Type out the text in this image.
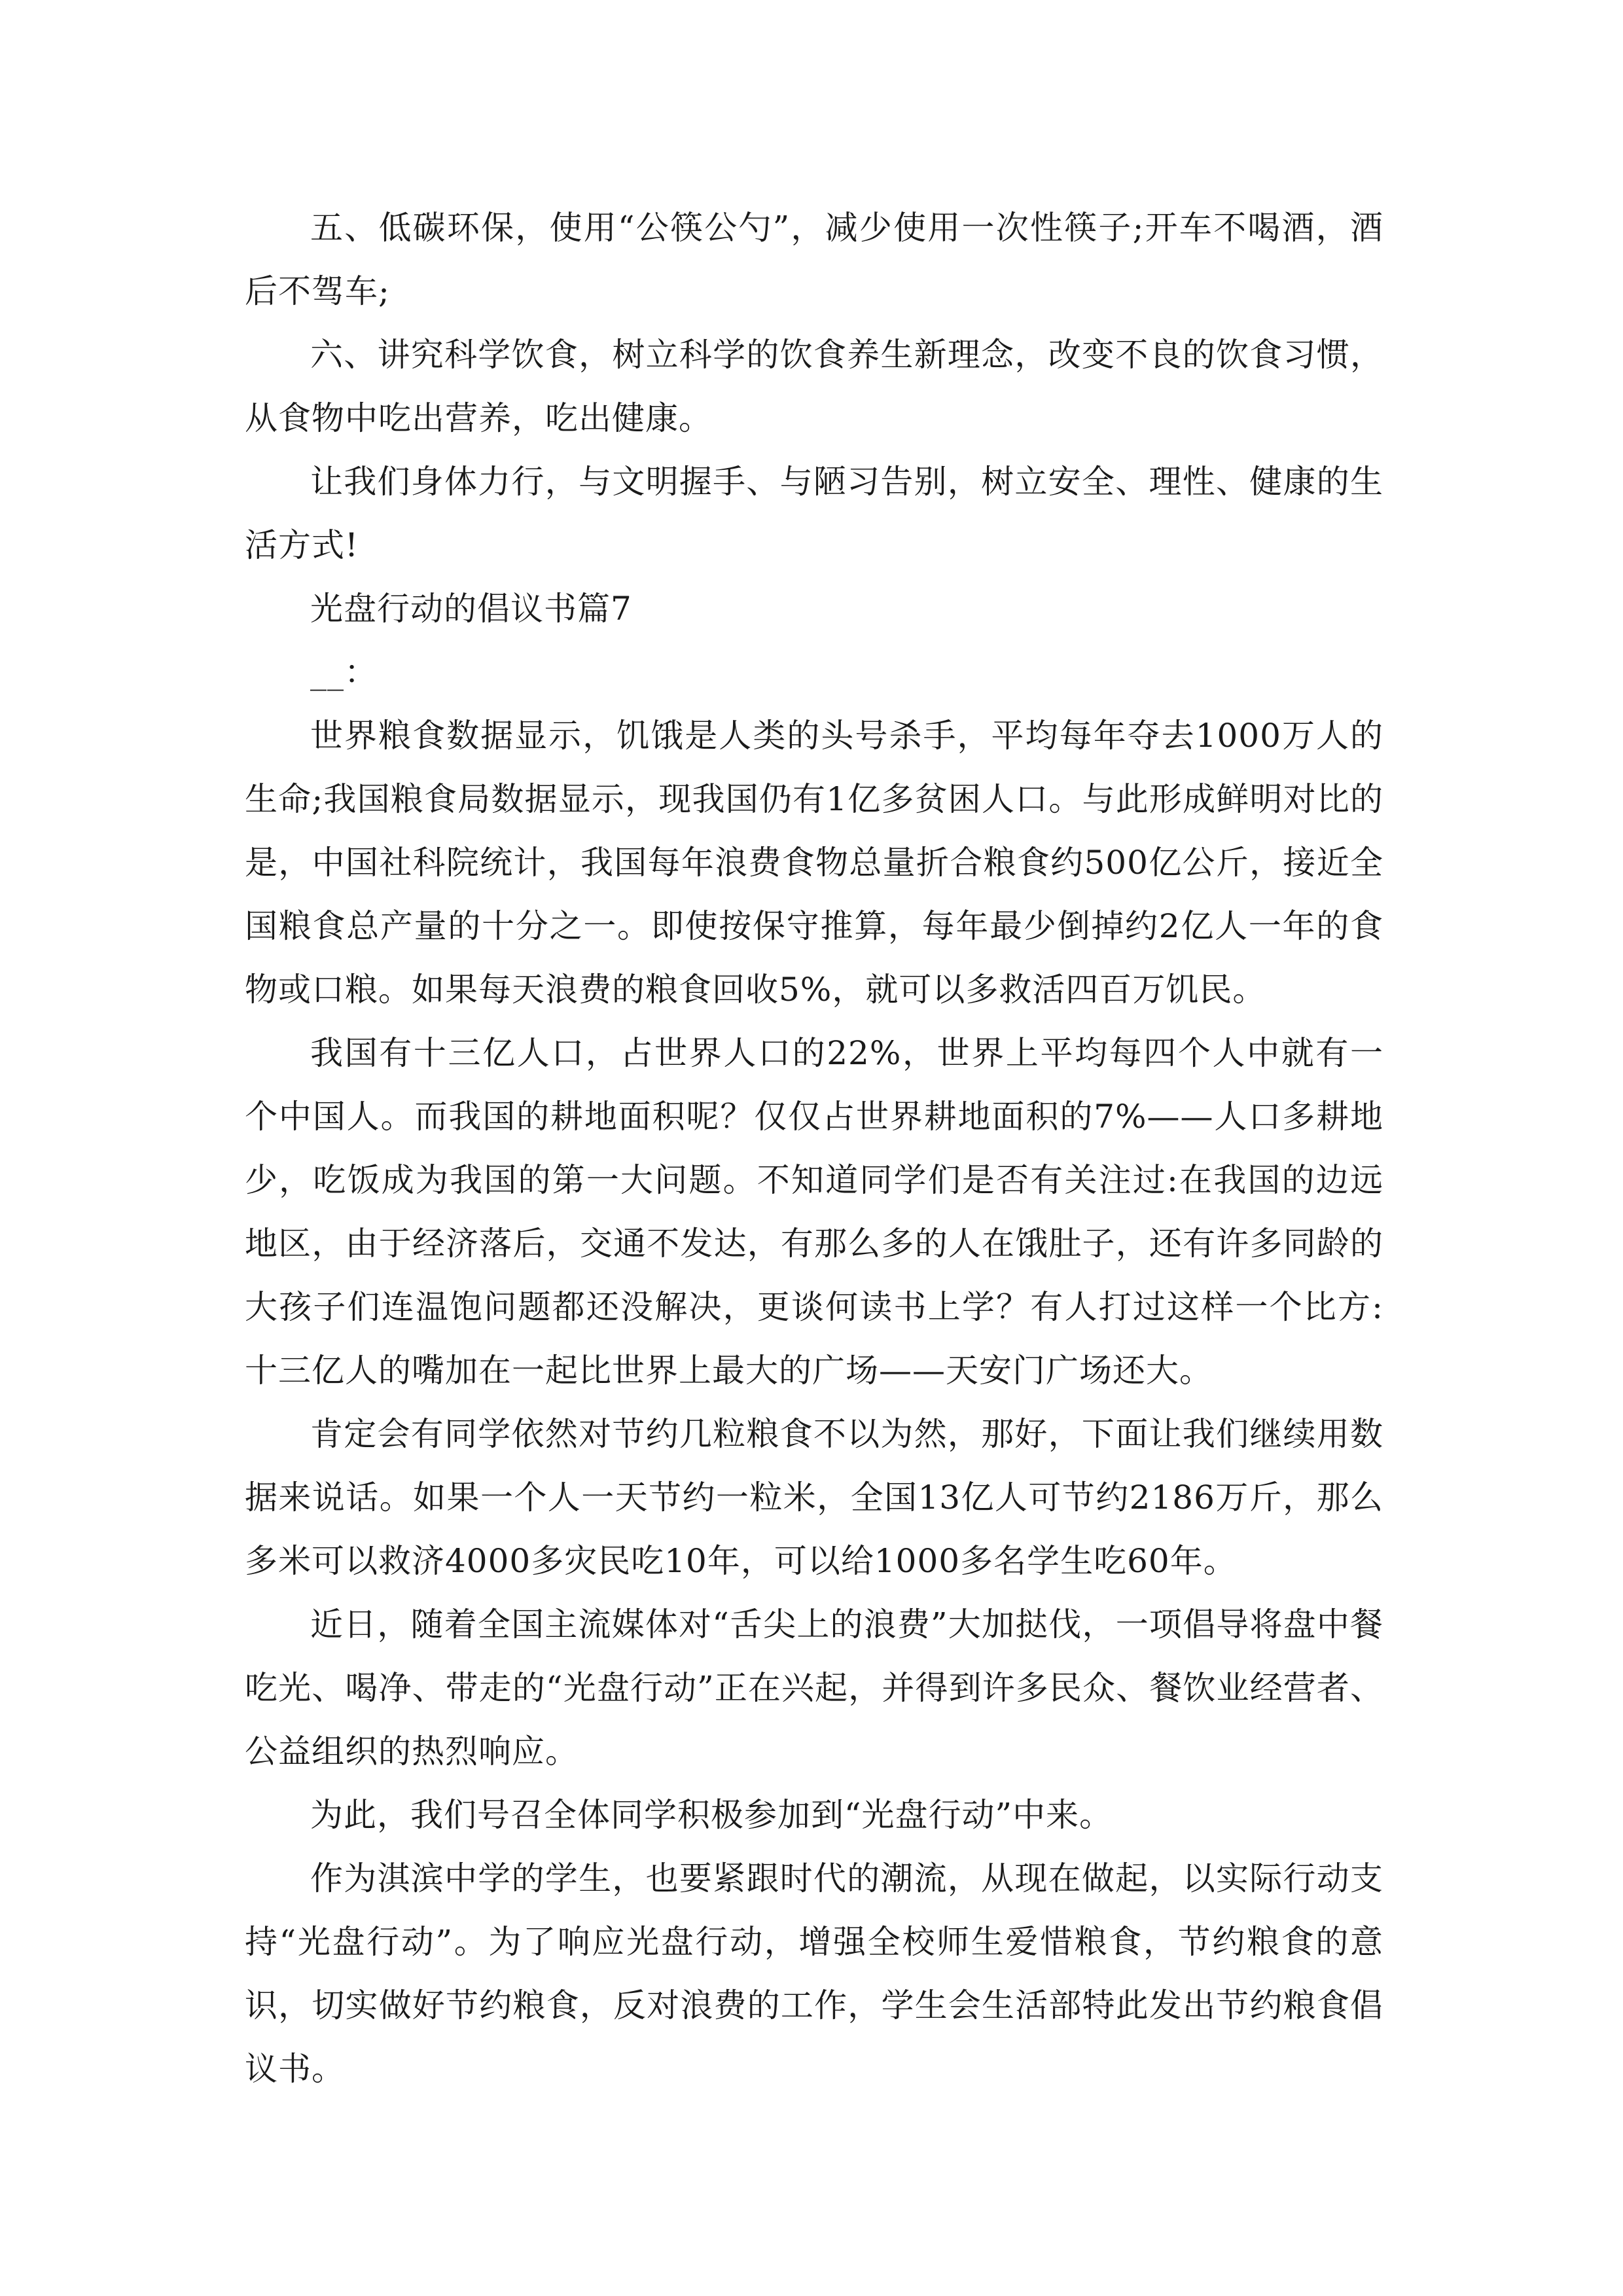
五、低碳环保，使用“公筷公勺”，减少使用一次性筷子;开车不喝酒，酒后不驾车;

六、讲究科学饮食，树立科学的饮食养生新理念，改变不良的饮食习惯，从食物中吃出营养，吃出健康。

让我们身体力行，与文明握手、与陋习告别，树立安全、理性、健康的生活方式!

光盘行动的倡议书篇7

__：

世界粮食数据显示，饥饿是人类的头号杀手，平均每年夺去1000万人的生命;我国粮食局数据显示，现我国仍有1亿多贫困人口。与此形成鲜明对比的是，中国社科院统计，我国每年浪费食物总量折合粮食约500亿公斤，接近全国粮食总产量的十分之一。即使按保守推算，每年最少倒掉约2亿人一年的食物或口粮。如果每天浪费的粮食回收5%，就可以多救活四百万饥民。

我国有十三亿人口，占世界人口的22%，世界上平均每四个人中就有一个中国人。而我国的耕地面积呢？仅仅占世界耕地面积的7%——人口多耕地少，吃饭成为我国的第一大问题。不知道同学们是否有关注过:在我国的边远地区，由于经济落后，交通不发达，有那么多的人在饿肚子，还有许多同龄的大孩子们连温饱问题都还没解决，更谈何读书上学？有人打过这样一个比方:十三亿人的嘴加在一起比世界上最大的广场——天安门广场还大。

肯定会有同学依然对节约几粒粮食不以为然，那好，下面让我们继续用数据来说话。如果一个人一天节约一粒米，全国13亿人可节约2186万斤，那么多米可以救济4000多灾民吃10年，可以给1000多名学生吃60年。

近日，随着全国主流媒体对“舌尖上的浪费”大加挞伐，一项倡导将盘中餐吃光、喝净、带走的“光盘行动”正在兴起，并得到许多民众、餐饮业经营者、公益组织的热烈响应。

为此，我们号召全体同学积极参加到“光盘行动”中来。

作为淇滨中学的学生，也要紧跟时代的潮流，从现在做起，以实际行动支持“光盘行动”。为了响应光盘行动，增强全校师生爱惜粮食，节约粮食的意识，切实做好节约粮食，反对浪费的工作，学生会生活部特此发出节约粮食倡议书。
